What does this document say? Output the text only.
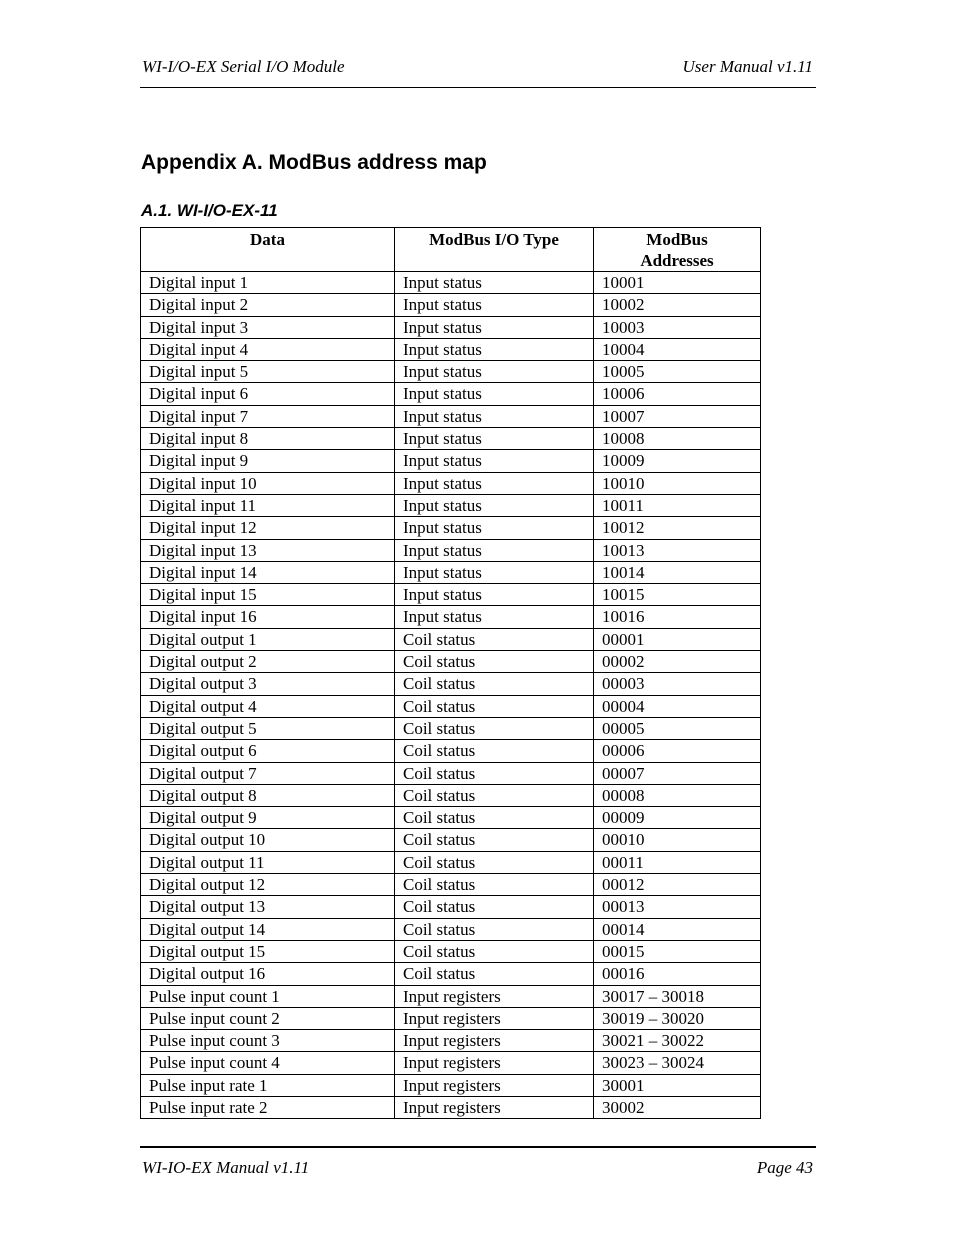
WI-I/O-EX Serial I/O Module	User Manual v1.11
Appendix A. ModBus address map
A.1. WI-I/O-EX-11
Data	ModBus I/O Type	ModBus Addresses
Digital input 1	Input status	10001
Digital input 2	Input status	10002
Digital input 3	Input status	10003
Digital input 4	Input status	10004
Digital input 5	Input status	10005
Digital input 6	Input status	10006
Digital input 7	Input status	10007
Digital input 8	Input status	10008
Digital input 9	Input status	10009
Digital input 10	Input status	10010
Digital input 11	Input status	10011
Digital input 12	Input status	10012
Digital input 13	Input status	10013
Digital input 14	Input status	10014
Digital input 15	Input status	10015
Digital input 16	Input status	10016
Digital output 1	Coil status	00001
Digital output 2	Coil status	00002
Digital output 3	Coil status	00003
Digital output 4	Coil status	00004
Digital output 5	Coil status	00005
Digital output 6	Coil status	00006
Digital output 7	Coil status	00007
Digital output 8	Coil status	00008
Digital output 9	Coil status	00009
Digital output 10	Coil status	00010
Digital output 11	Coil status	00011
Digital output 12	Coil status	00012
Digital output 13	Coil status	00013
Digital output 14	Coil status	00014
Digital output 15	Coil status	00015
Digital output 16	Coil status	00016
Pulse input count 1	Input registers	30017 – 30018
Pulse input count 2	Input registers	30019 – 30020
Pulse input count 3	Input registers	30021 – 30022
Pulse input count 4	Input registers	30023 – 30024
Pulse input rate 1	Input registers	30001
Pulse input rate 2	Input registers	30002
WI-IO-EX Manual v1.11	Page 43
